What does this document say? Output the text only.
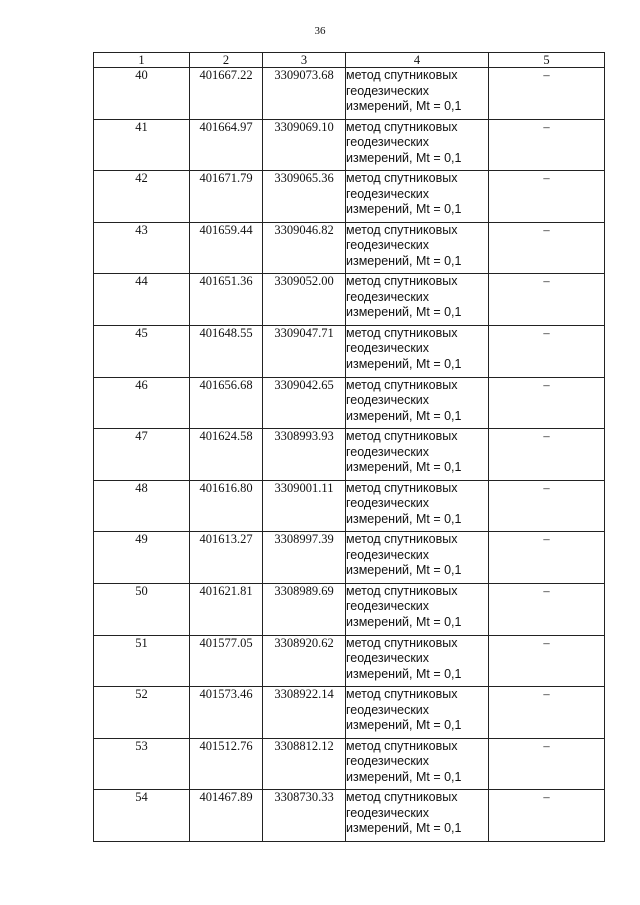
36
1	2	3	4	5
40	401667.22	3309073.68	метод спутниковых
геодезических
измерений, Mt = 0,1	–
41	401664.97	3309069.10	метод спутниковых
геодезических
измерений, Mt = 0,1	–
42	401671.79	3309065.36	метод спутниковых
геодезических
измерений, Mt = 0,1	–
43	401659.44	3309046.82	метод спутниковых
геодезических
измерений, Mt = 0,1	–
44	401651.36	3309052.00	метод спутниковых
геодезических
измерений, Mt = 0,1	–
45	401648.55	3309047.71	метод спутниковых
геодезических
измерений, Mt = 0,1	–
46	401656.68	3309042.65	метод спутниковых
геодезических
измерений, Mt = 0,1	–
47	401624.58	3308993.93	метод спутниковых
геодезических
измерений, Mt = 0,1	–
48	401616.80	3309001.11	метод спутниковых
геодезических
измерений, Mt = 0,1	–
49	401613.27	3308997.39	метод спутниковых
геодезических
измерений, Mt = 0,1	–
50	401621.81	3308989.69	метод спутниковых
геодезических
измерений, Mt = 0,1	–
51	401577.05	3308920.62	метод спутниковых
геодезических
измерений, Mt = 0,1	–
52	401573.46	3308922.14	метод спутниковых
геодезических
измерений, Mt = 0,1	–
53	401512.76	3308812.12	метод спутниковых
геодезических
измерений, Mt = 0,1	–
54	401467.89	3308730.33	метод спутниковых
геодезических
измерений, Mt = 0,1	–
